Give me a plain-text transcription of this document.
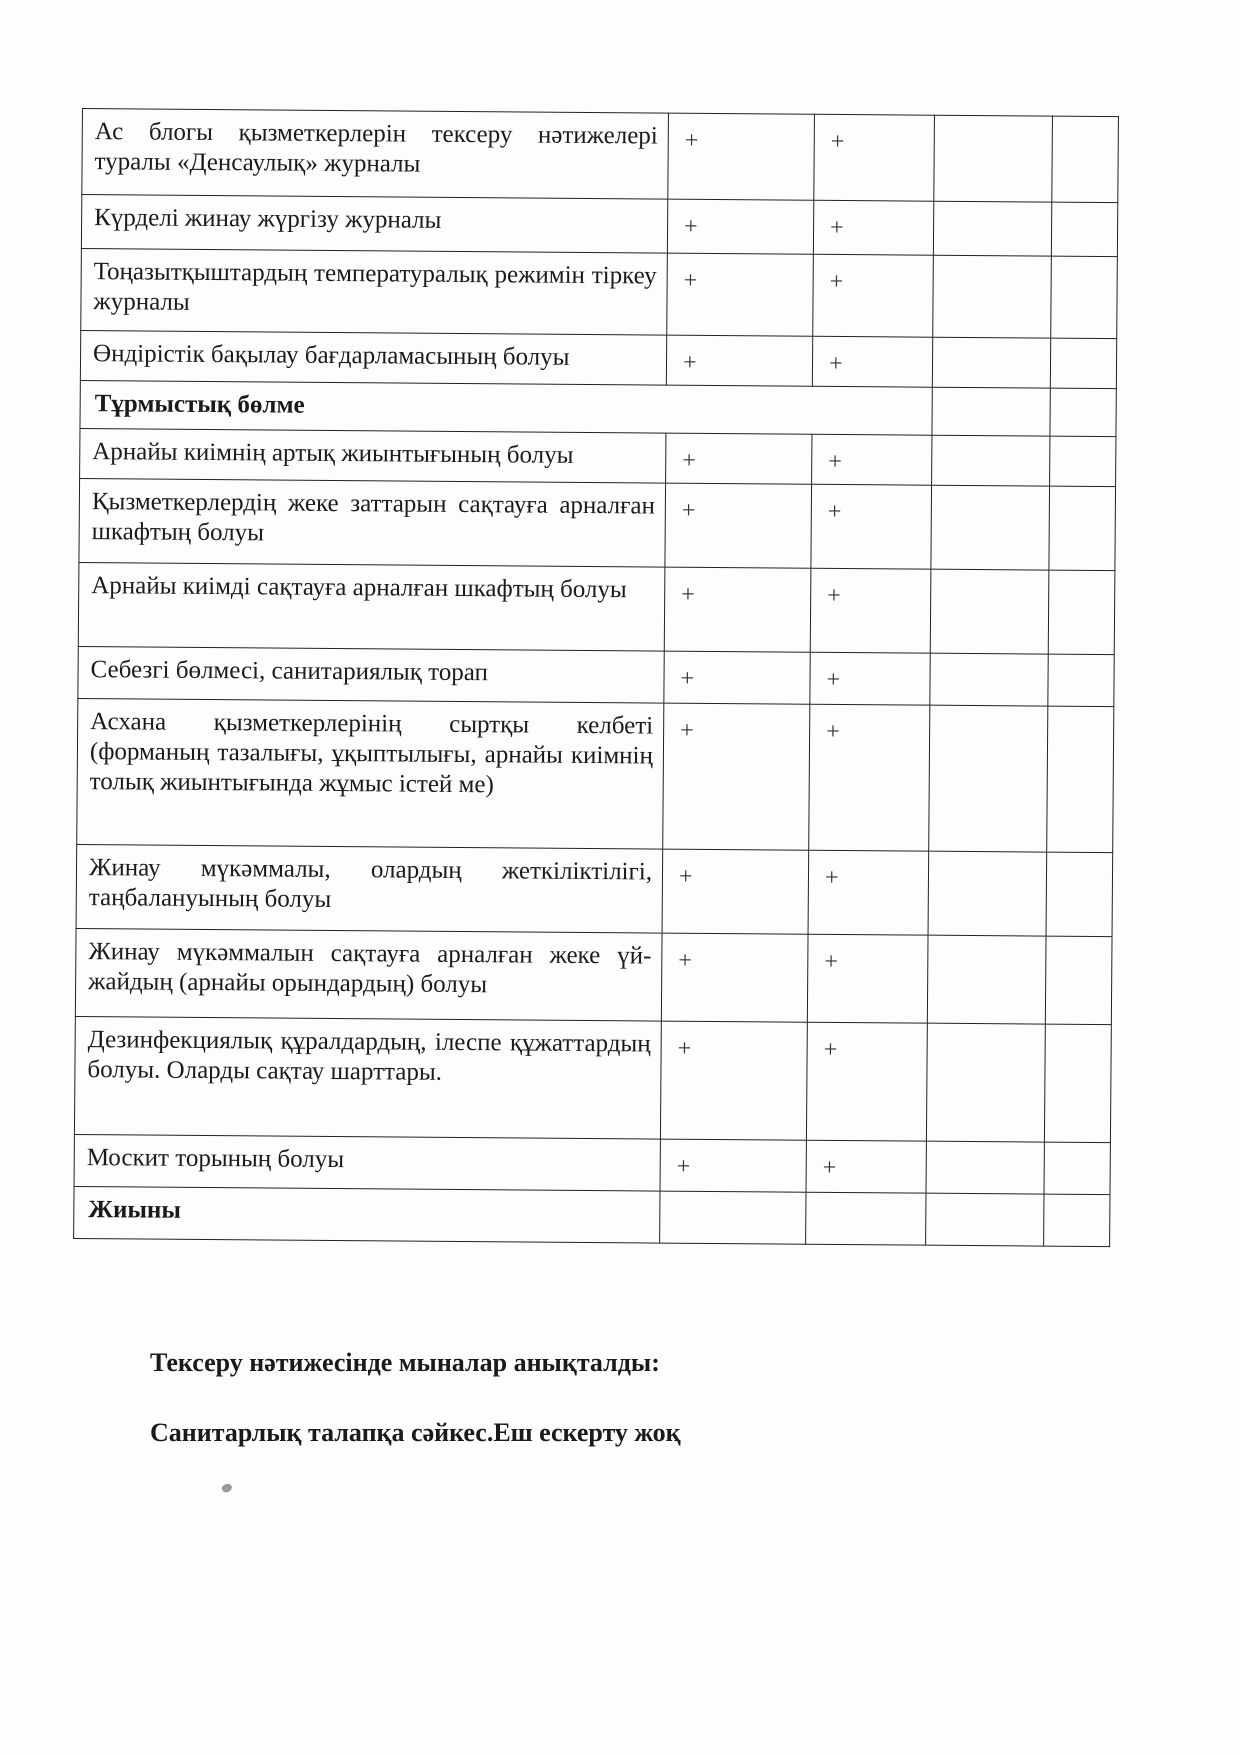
Ас блогы қызметкерлерін тексеру нәтижелері туралы «Денсаулық» журналы	+	+		
Күрделі жинау жүргізу журналы	+	+		
Тоңазытқыштардың температуралық режимін тіркеу журналы	+	+		
Өндірістік бақылау бағдарламасының болуы	+	+		
Тұрмыстық бөлме				
Арнайы киімнің артық жиынтығының болуы	+	+		
Қызметкерлердің жеке заттарын сақтауға арналған шкафтың болуы	+	+		
Арнайы киімді сақтауға арналған шкафтың болуы	+	+		
Себезгі бөлмесі, санитариялық торап	+	+		
Асхана қызметкерлерінің сыртқы келбеті (форманың тазалығы, ұқыптылығы, арнайы киімнің толық жиынтығында жұмыс істей ме)	+	+		
Жинау мүкәммалы, олардың жеткіліктілігі, таңбалануының болуы	+	+		
Жинау мүкәммалын сақтауға арналған жеке үй-жайдың (арнайы орындардың) болуы	+	+		
Дезинфекциялық құралдардың, ілеспе құжаттардың болуы. Оларды сақтау шарттары.	+	+		
Москит торының болуы	+	+		
Жиыны				

Тексеру нәтижесінде мыналар анықталды:

Санитарлық талапқа сәйкес.Еш ескерту жоқ
